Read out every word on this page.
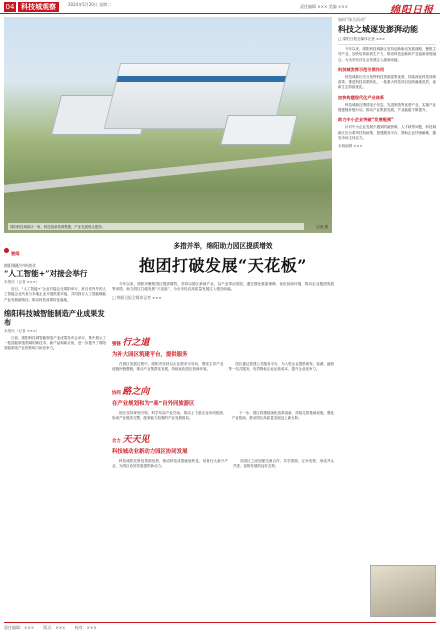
04 科技城观察	2024年5月20日 星期二	责任编辑 ××× 美编 ×××	绵阳日报
绵阳科技城新区一角，科技创新资源集聚，产业发展势头强劲。	记者 摄
如何“保合而动”
科技之城逐发澎湃动能
□ 绵阳日报全媒体记者 ×××

今年以来，绵阳科技城新区坚持创新驱动发展战略，聚焦主导产业，加快培育新质生产力，推动科技创新和产业创新深度融合，为全市经济社会发展注入澎湃动能。

科技城发挥示范引领作用

科技城新区充分发挥科技资源富集优势，持续深化科技体制改革，推进科技成果转化，一批重大科技项目加快落地见效，创新生态持续优化。

加快构建现代化产业体系

科技城新区围绕电子信息、先进制造等优势产业，实施产业链强链补链行动，推动产业集群发展，产业能级不断提升。

助力中小企业突破“发展瓶颈”

针对中小企业发展中遇到的融资难、人才缺等问题，科技城新区出台系列扶持政策，搭建服务平台，帮助企业纾困解难，激发市场主体活力。

本版编辑 ×××
要闻
绵阳城配中转商业
“人工智能+”对接会举行
本报讯（记者 ×××）

近日，“人工智能+”企业对接会在绵阳举行，来自省内外的人工智能企业代表与本地企业开展供需对接，共同探讨人工智能赋能产业发展新路径，推动科技成果转化落地。

绵阳科技城智能制造产业成果发布
本报讯（记者 ×××）

日前，绵阳科技城智能制造产业成果发布会举行，集中展示了一批智能制造领域的新技术、新产品和新应用，进一步提升了绵阳智能制造产业的影响力和竞争力。

多措并举，绵阳助力园区提质增效
抱团打破发展“天花板”

今年以来，绵阳市聚焦园区提质增效，坚持以园区承载产业、以产业带动发展，通过强化要素保障、优化营商环境、推动企业抱团发展等举措，助力园区打破发展“天花板”，为全市经济高质量发展注入强劲动能。

□ 绵阳日报全媒体记者 ×××
强链 行之道
为补大园区筑建平台，提供服务

在园区发展过程中，绵阳市坚持以企业需求为导向，围绕主导产业延链补链强链，推动产业集群化发展，持续优化园区营商环境。

园区通过搭建公共服务平台，为入驻企业提供研发、检测、融资等一站式服务，有效降低企业运营成本，提升企业竞争力。

协同 路之向
在产业规划和为“高”自外同旅游区

园区坚持规划引领，科学布局产业空间，推动上下游企业协同配套，形成产业链条完整、配套能力较强的产业发展格局。

下一步，园区将继续深化改革创新，持续完善基础设施，强化产业招商，推动园区高质量发展迈上新台阶。

合力 天天见
科技城动业新动力园区协同发展

科技城依托科技资源优势，推动科技成果就地转化，培育壮大新兴产业，为园区协同发展提供新动力。

各园区之间加强交流合作，共享资源、互补优势，形成齐头并进、竞相发展的良好态势。

责任编辑：××× 版式：××× 校对：×××
